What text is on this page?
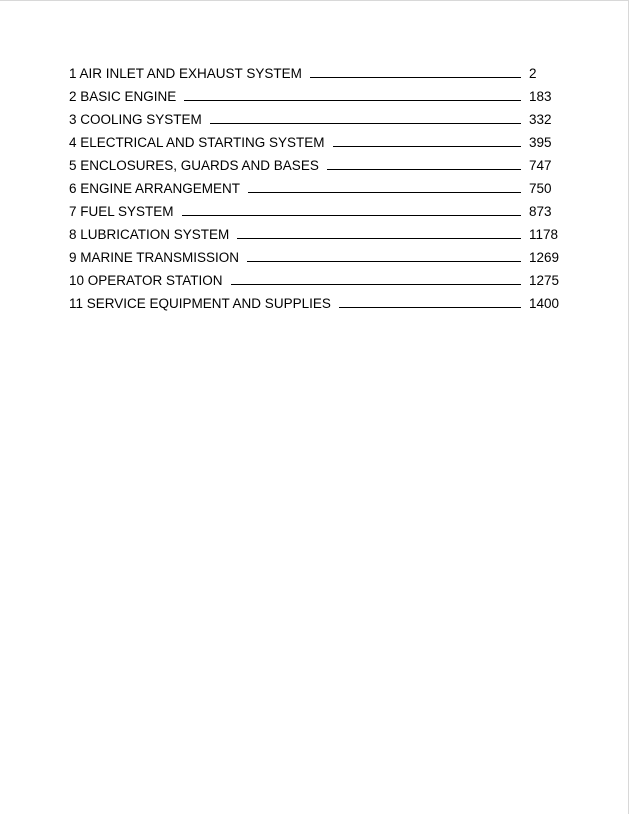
1 AIR INLET AND EXHAUST SYSTEM	2
2 BASIC ENGINE	183
3 COOLING SYSTEM	332
4 ELECTRICAL AND STARTING SYSTEM	395
5 ENCLOSURES, GUARDS AND BASES	747
6 ENGINE ARRANGEMENT	750
7 FUEL SYSTEM	873
8 LUBRICATION SYSTEM	1178
9 MARINE TRANSMISSION	1269
10 OPERATOR STATION	1275
11 SERVICE EQUIPMENT AND SUPPLIES	1400
